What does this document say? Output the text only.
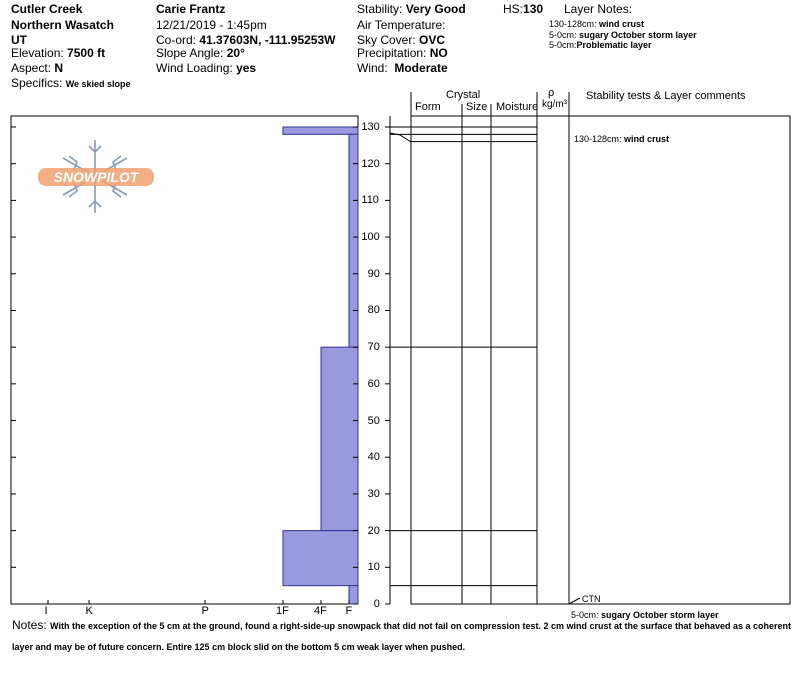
Cutler Creek
Northern Wasatch
UT
Elevation: 7500 ft
Aspect: N
Specifics: We skied slope
Carie Frantz
12/21/2019 - 1:45pm
Co-ord: 41.37603N, -111.95253W
Slope Angle: 20°
Wind Loading: yes
Stability: Very Good	HS:130
Air Temperature:
Sky Cover: OVC
Precipitation: NO
Wind: Moderate
Layer Notes:
130-128cm: wind crust
5-0cm: sugary October storm layer
5-0cm:Problematic layer
Crystal
Form Size Moisture
ρ
kg/m³
Stability tests & Layer comments
SNOWPILOT
0
10
20
30
40
50
60
70
80
90
100
110
120
130
I	K	P	1F 4F F
130-128cm: wind crust
CTN
5-0cm: sugary October storm layer
Notes: With the exception of the 5 cm at the ground, found a right-side-up snowpack that did not fail on compression test. 2 cm wind crust at the surface that behaved as a coherent layer and may be of future concern. Entire 125 cm block slid on the bottom 5 cm weak layer when pushed.
